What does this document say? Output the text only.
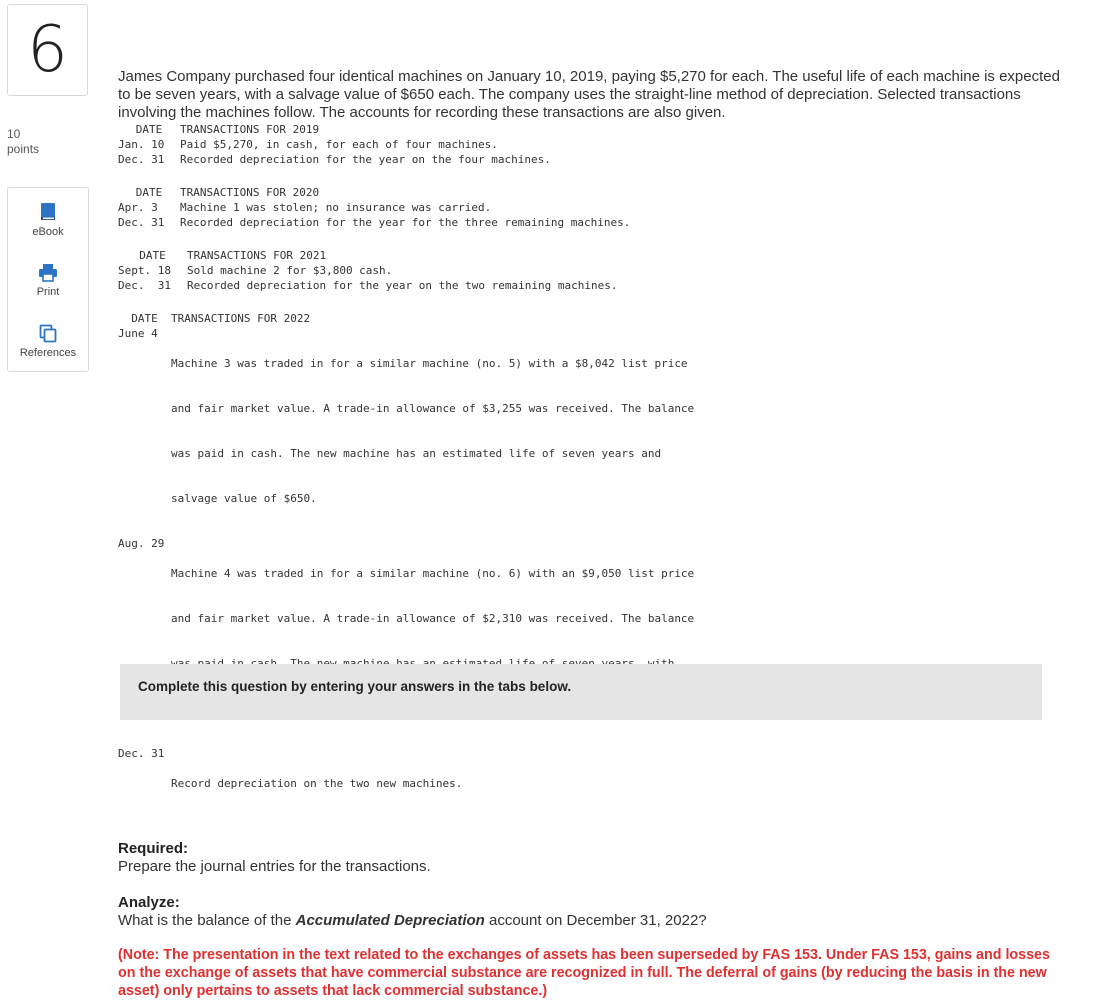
6
10
points
eBook
Print
References

James Company purchased four identical machines on January 10, 2019, paying $5,270 for each. The useful life of each machine is expected to be seven years, with a salvage value of $650 each. The company uses the straight-line method of depreciation. Selected transactions involving the machines follow. The accounts for recording these transactions are also given.

DATE	TRANSACTIONS FOR 2019
Jan. 10	Paid $5,270, in cash, for each of four machines.
Dec. 31	Recorded depreciation for the year on the four machines.
DATE	TRANSACTIONS FOR 2020
Apr. 3	Machine 1 was stolen; no insurance was carried.
Dec. 31	Recorded depreciation for the year for the three remaining machines.
DATE	TRANSACTIONS FOR 2021
Sept. 18	Sold machine 2 for $3,800 cash.
Dec.  31	Recorded depreciation for the year on the two remaining machines.
DATE	TRANSACTIONS FOR 2022
June 4	Machine 3 was traded in for a similar machine (no. 5) with a $8,042 list price

and fair market value. A trade-in allowance of $3,255 was received. The balance

was paid in cash. The new machine has an estimated life of seven years and

salvage value of $650.

Aug. 29	Machine 4 was traded in for a similar machine (no. 6) with an $9,050 list price

and fair market value. A trade-in allowance of $2,310 was received. The balance

Dec. 31	Record depreciation on the two new machines.

Required:

Prepare the journal entries for the transactions.

Analyze:

What is the balance of the Accumulated Depreciation account on December 31, 2022?

(Note: The presentation in the text related to the exchanges of assets has been superseded by FAS 153. Under FAS 153, gains and losses on the exchange of assets that have commercial substance are recognized in full. The deferral of gains (by reducing the basis in the new asset) only pertains to assets that lack commercial substance.)

Complete this question by entering your answers in the tabs below.
